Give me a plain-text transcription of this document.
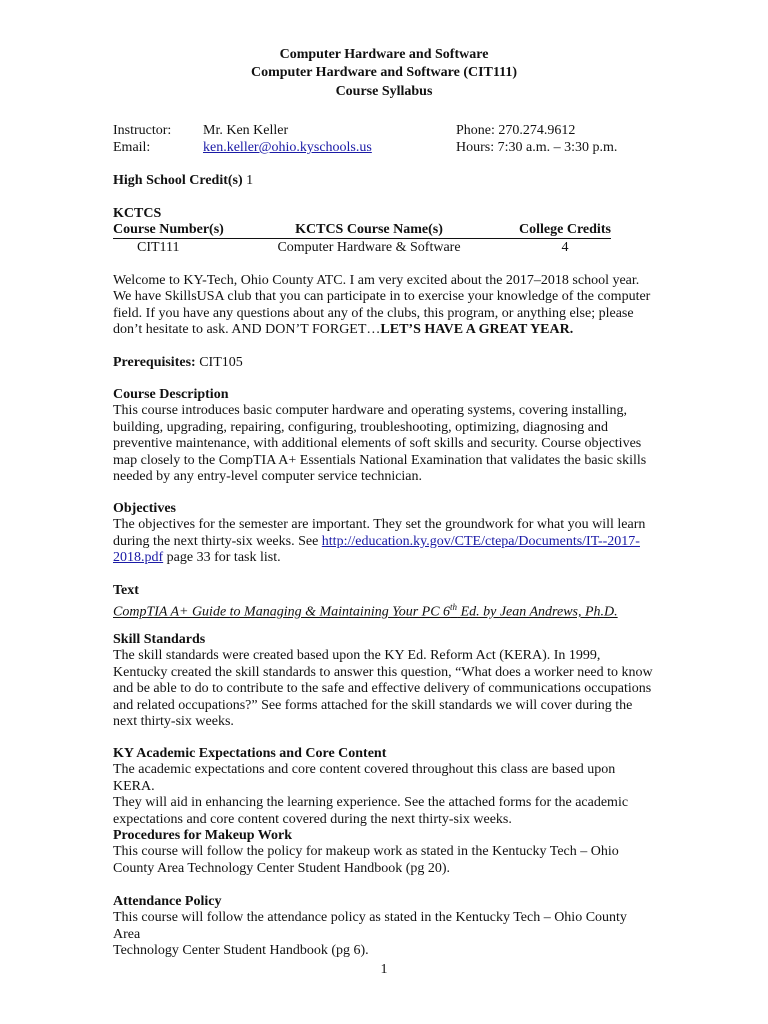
Computer Hardware and Software
Computer Hardware and Software (CIT111)
Course Syllabus
Instructor: Mr. Ken Keller	Phone: 270.274.9612
Email:	ken.keller@ohio.kyschools.us	Hours: 7:30 a.m. – 3:30 p.m.
High School Credit(s) 1
KCTCS
Course Number(s)	KCTCS Course Name(s)	College Credits
CIT111	Computer Hardware & Software	4

Welcome to KY-Tech, Ohio County ATC. I am very excited about the 2017–2018 school year.

We have SkillsUSA club that you can participate in to exercise your knowledge of the computer

field. If you have any questions about any of the clubs, this program, or anything else; please

don’t hesitate to ask. AND DON’T FORGET…LET’S HAVE A GREAT YEAR.

Prerequisites: CIT105

Course Description

This course introduces basic computer hardware and operating systems, covering installing,

building, upgrading, repairing, configuring, troubleshooting, optimizing, diagnosing and

preventive maintenance, with additional elements of soft skills and security. Course objectives

map closely to the CompTIA A+ Essentials National Examination that validates the basic skills

needed by any entry-level computer service technician.

Objectives

The objectives for the semester are important. They set the groundwork for what you will learn

during the next thirty-six weeks. See http://education.ky.gov/CTE/ctepa/Documents/IT--2017-

2018.pdf page 33 for task list.

Text

CompTIA A+ Guide to Managing & Maintaining Your PC 6th Ed. by Jean Andrews, Ph.D.

Skill Standards

The skill standards were created based upon the KY Ed. Reform Act (KERA). In 1999,

Kentucky created the skill standards to answer this question, “What does a worker need to know

and be able to do to contribute to the safe and effective delivery of communications occupations

and related occupations?” See forms attached for the skill standards we will cover during the

next thirty-six weeks.

KY Academic Expectations and Core Content

The academic expectations and core content covered throughout this class are based upon KERA.

They will aid in enhancing the learning experience. See the attached forms for the academic

expectations and core content covered during the next thirty-six weeks.

Procedures for Makeup Work

This course will follow the policy for makeup work as stated in the Kentucky Tech – Ohio

County Area Technology Center Student Handbook (pg 20).

Attendance Policy

This course will follow the attendance policy as stated in the Kentucky Tech – Ohio County Area

Technology Center Student Handbook (pg 6).

1
